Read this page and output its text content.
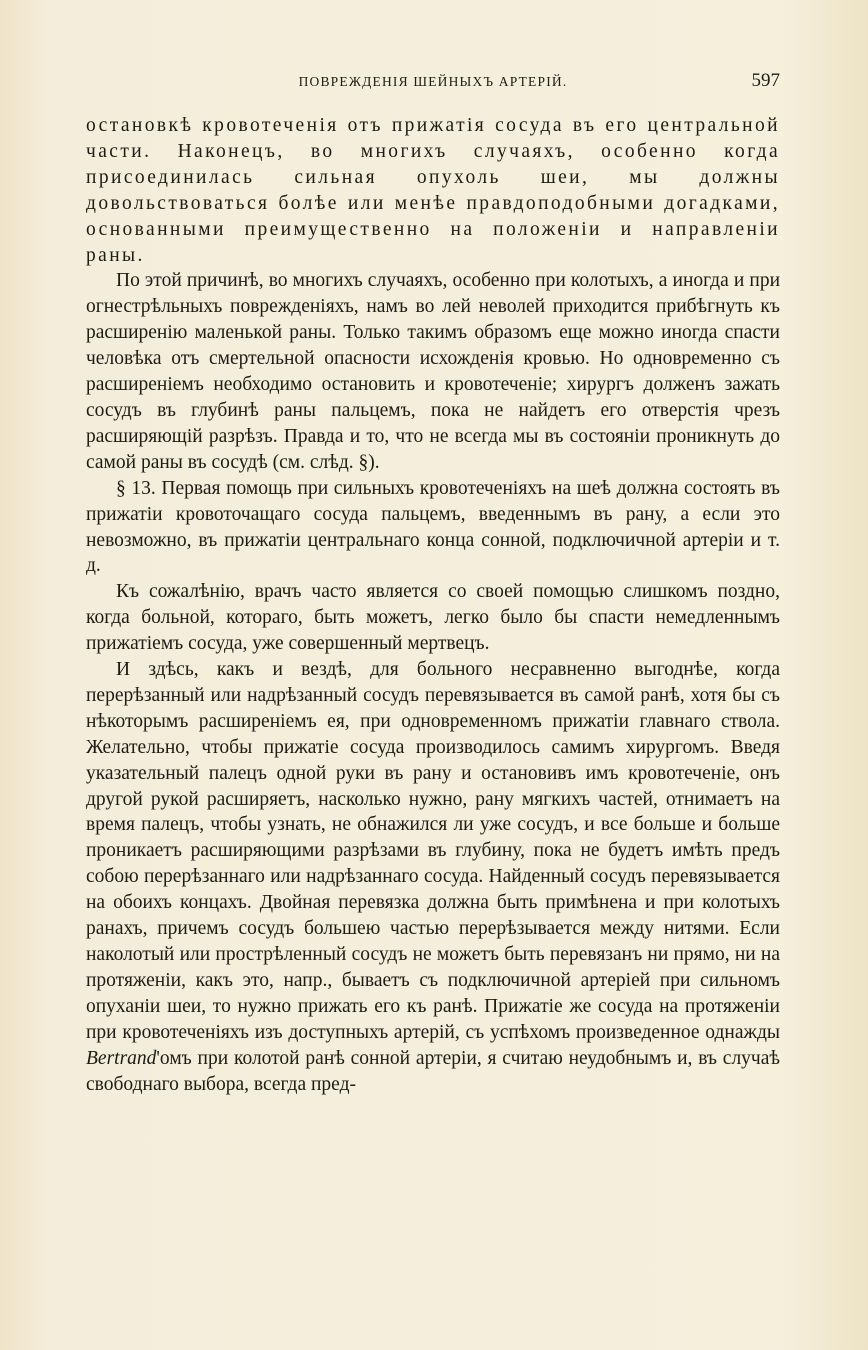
ПОВРЕЖДЕНIЯ ШЕЙНЫХЪ АРТЕРIЙ.	597

остановкѣ кровотеченiя отъ прижатiя сосуда въ его центральной части. Наконецъ, во многихъ случаяхъ, особенно когда присоединилась сильная опухоль шеи, мы должны довольствоваться болѣе или менѣе правдоподобными догадками, основанными преимущественно на положенiи и направленiи раны.

По этой причинѣ, во многихъ случаяхъ, особенно при колотыхъ, а иногда и при огнестрѣльныхъ поврежденiяхъ, намъ во лей неволей приходится прибѣгнуть къ расширенiю маленькой раны. Только такимъ образомъ еще можно иногда спасти человѣка отъ смертельной опасности исхожденiя кровью. Но одновременно съ расширенiемъ необходимо остановить и кровотеченiе; хирургъ долженъ зажать сосудъ въ глубинѣ раны пальцемъ, пока не найдетъ его отверстiя чрезъ расширяющiй разрѣзъ. Правда и то, что не всегда мы въ состоянiи проникнуть до самой раны въ сосудѣ (см. слѣд. §).

§ 13. Первая помощь при сильныхъ кровотеченiяхъ на шеѣ должна состоять въ прижатiи кровоточащаго сосуда пальцемъ, введеннымъ въ рану, а если это невозможно, въ прижатiи центральнаго конца сонной, подключичной артерiи и т. д.

Къ сожалѣнiю, врачъ часто является со своей помощью слишкомъ поздно, когда больной, котораго, быть можетъ, легко было бы спасти немедленнымъ прижатiемъ сосуда, уже совершенный мертвецъ.

И здѣсь, какъ и вездѣ, для больного несравненно выгоднѣе, когда перерѣзанный или надрѣзанный сосудъ перевязывается въ самой ранѣ, хотя бы съ нѣкоторымъ расширенiемъ ея, при одновременномъ прижатiи главнаго ствола. Желательно, чтобы прижатiе сосуда производилось самимъ хирургомъ. Введя указательный палецъ одной руки въ рану и остановивъ имъ кровотеченiе, онъ другой рукой расширяетъ, насколько нужно, рану мягкихъ частей, отнимаетъ на время палецъ, чтобы узнать, не обнажился ли уже сосудъ, и все больше и больше проникаетъ расширяющими разрѣзами въ глубину, пока не будетъ имѣть предъ собою перерѣзаннаго или надрѣзаннаго сосуда. Найденный сосудъ перевязывается на обоихъ концахъ. Двойная перевязка должна быть примѣнена и при колотыхъ ранахъ, причемъ сосудъ большею частью перерѣзывается между нитями. Если наколотый или прострѣленный сосудъ не можетъ быть перевязанъ ни прямо, ни на протяженiи, какъ это, напр., бываетъ съ подключичной артерiей при сильномъ опуханiи шеи, то нужно прижать его къ ранѣ. Прижатiе же сосуда на протяженiи при кровотеченiяхъ изъ доступныхъ артерiй, съ успѣхомъ произведенное однажды Bertrand'омъ при колотой ранѣ сонной артерiи, я считаю неудобнымъ и, въ случаѣ свободнаго выбора, всегда пред-
